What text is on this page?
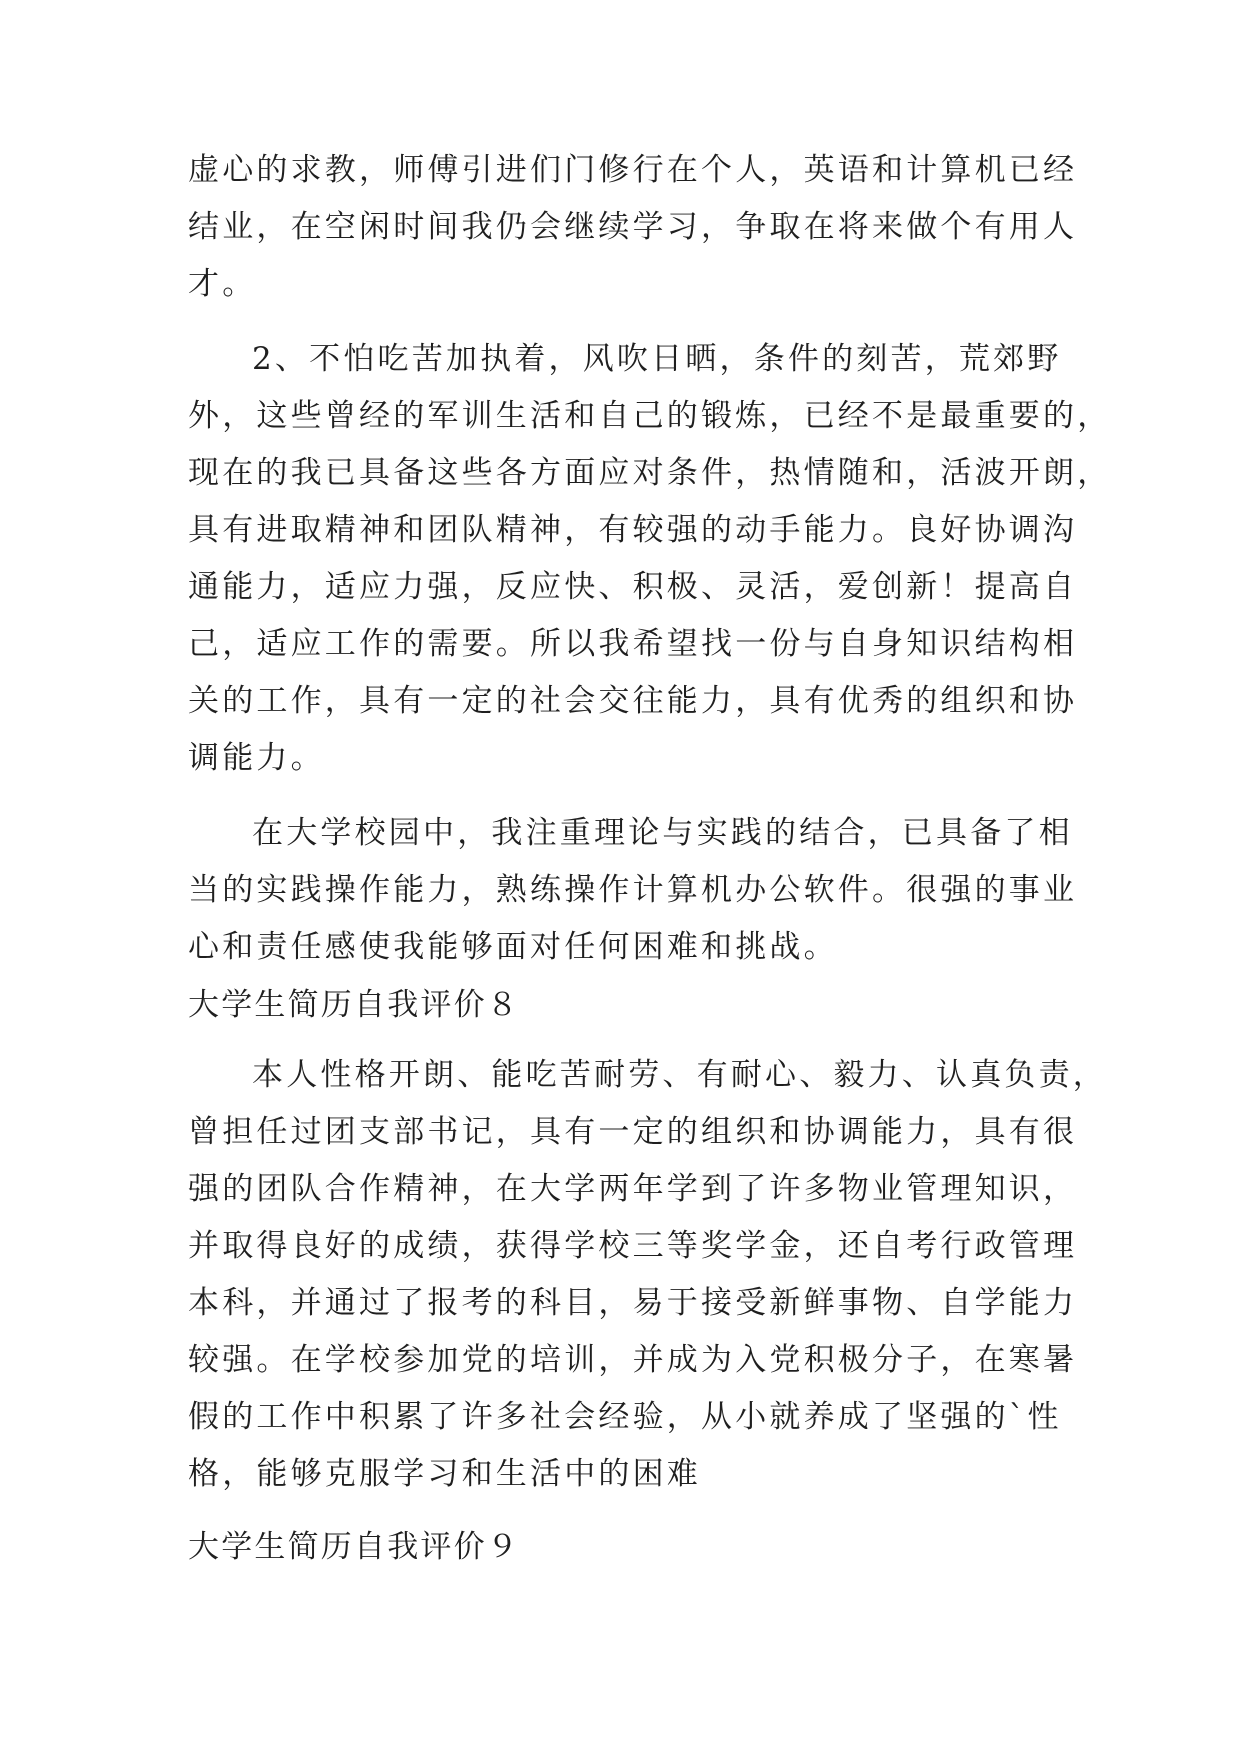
虚心的求教，师傅引进们门修行在个人，英语和计算机已经
结业，在空闲时间我仍会继续学习，争取在将来做个有用人
才。
2、不怕吃苦加执着，风吹日晒，条件的刻苦，荒郊野
外，这些曾经的军训生活和自己的锻炼，已经不是最重要的，
现在的我已具备这些各方面应对条件，热情随和，活波开朗，
具有进取精神和团队精神，有较强的动手能力。良好协调沟
通能力，适应力强，反应快、积极、灵活，爱创新！提高自
己，适应工作的需要。所以我希望找一份与自身知识结构相
关的工作，具有一定的社会交往能力，具有优秀的组织和协
调能力。
在大学校园中，我注重理论与实践的结合，已具备了相
当的实践操作能力，熟练操作计算机办公软件。很强的事业
心和责任感使我能够面对任何困难和挑战。
大学生简历自我评价８
本人性格开朗、能吃苦耐劳、有耐心、毅力、认真负责，
曾担任过团支部书记，具有一定的组织和协调能力，具有很
强的团队合作精神，在大学两年学到了许多物业管理知识，
并取得良好的成绩，获得学校三等奖学金，还自考行政管理
本科，并通过了报考的科目，易于接受新鲜事物、自学能力
较强。在学校参加党的培训，并成为入党积极分子，在寒暑
假的工作中积累了许多社会经验，从小就养成了坚强的`性
格，能够克服学习和生活中的困难
大学生简历自我评价９
